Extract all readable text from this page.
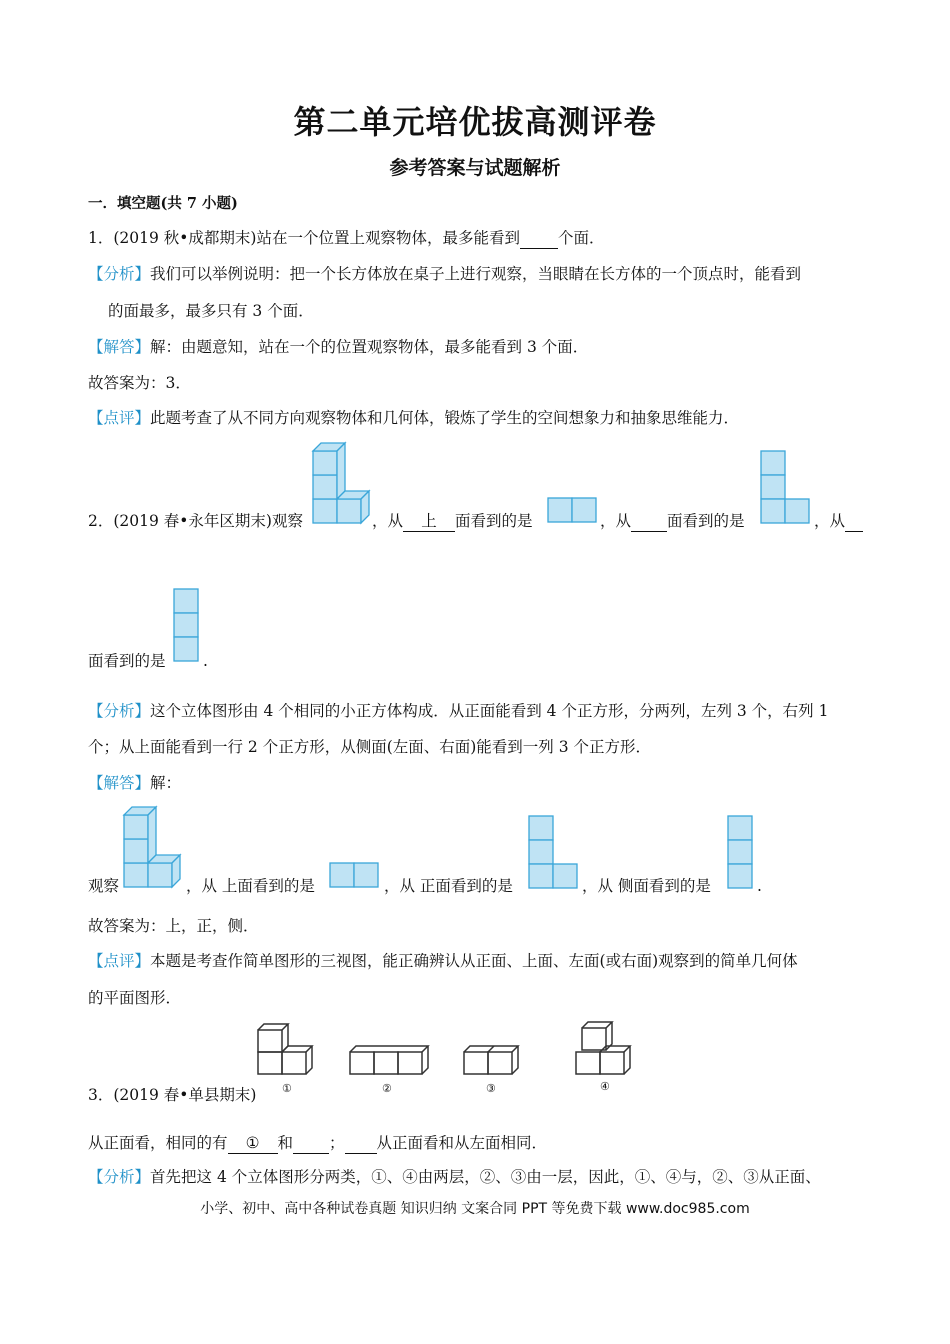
第二单元培优拔高测评卷
参考答案与试题解析
一．填空题(共 7 小题)
1．(2019 秋•成都期末)站在一个位置上观察物体，最多能看到 个面．
【分析】我们可以举例说明：把一个长方体放在桌子上进行观察，当眼睛在长方体的一个顶点时，能看到
的面最多，最多只有 3 个面．
【解答】解：由题意知，站在一个的位置观察物体，最多能看到 3 个面．
故答案为：3．
【点评】此题考查了从不同方向观察物体和几何体，锻炼了学生的空间想象力和抽象思维能力．
2．(2019 春•永年区期末)观察	，从 上 面看到的是	，从 面看到的是	，从
面看到的是 .
【分析】这个立体图形由 4 个相同的小正方体构成．从正面能看到 4 个正方形，分两列，左列 3 个，右列 1
个；从上面能看到一行 2 个正方形，从侧面(左面、右面)能看到一列 3 个正方形．
【解答】解：
观察	，从 上面看到的是	，从 正面看到的是	，从 侧面看到的是	.
故答案为：上，正，侧．
【点评】本题是考查作简单图形的三视图，能正确辨认从正面、上面、左面(或右面)观察到的简单几何体
的平面图形．
①	②	③	④
3．(2019 春•单县期末)
从正面看，相同的有 ① 和 ； 从正面看和从左面相同．
【分析】首先把这 4 个立体图形分两类，①、④由两层，②、③由一层，因此，①、④与，②、③从正面、
小学、初中、高中各种试卷真题 知识归纳 文案合同 PPT 等免费下载 www.doc985.com
